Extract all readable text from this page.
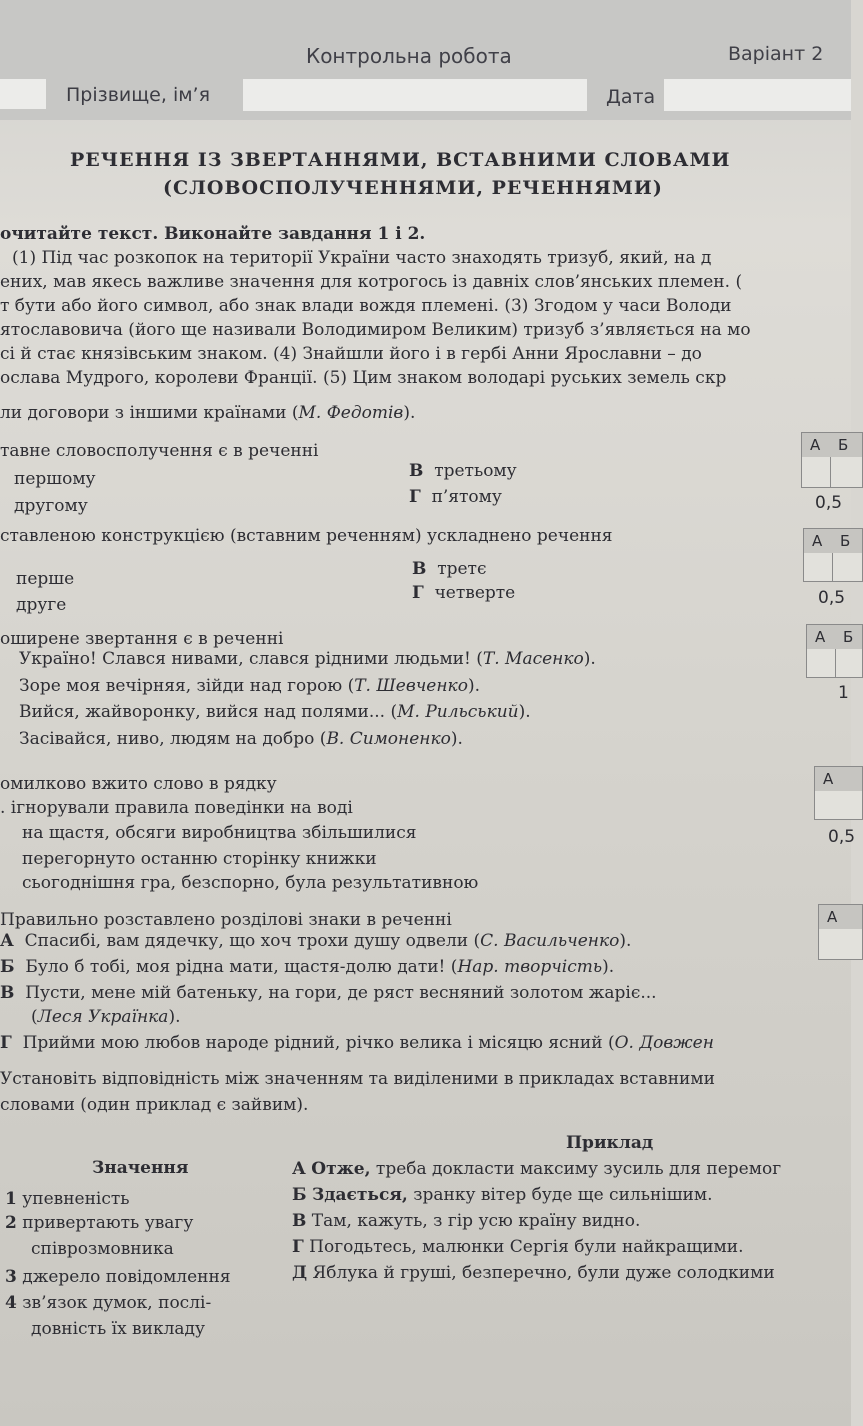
Контрольна робота	Варіант 2
Прізвище, ім’я	Дата
РЕЧЕННЯ ІЗ ЗВЕРТАННЯМИ, ВСТАВНИМИ СЛОВАМИ
(СЛОВОСПОЛУЧЕННЯМИ, РЕЧЕННЯМИ)
очитайте текст. Виконайте завдання 1 і 2.
(1) Під час розкопок на території України часто знаходять тризуб, який, на д
ених, мав якесь важливе значення для котрогось із давніх слов’янських племен. (
т бути або його символ, або знак влади вождя племені. (3) Згодом у часи Володи
ятославовича (його ще називали Володимиром Великим) тризуб з’являється на мо
сі й стає князівським знаком. (4) Знайшли його і в гербі Анни Ярославни – до
ослава Мудрого, королеви Франції. (5) Цим знаком володарі руських земель скр
ли договори з іншими країнами (М. Федотів).
тавне словосполучення є в реченні
першому
другому
В третьому
Г п’ятому
А Б
0,5
ставленою конструкцією (вставним реченням) ускладнено речення
перше
друге
В третє
Г четверте
А Б
0,5
оширене звертання є в реченні
Україно! Слався нивами, слався рідними людьми! (Т. Масенко).
Зоре моя вечірняя, зійди над горою (Т. Шевченко).
Вийся, жайворонку, вийся над полями... (М. Рильський).
Засівайся, ниво, людям на добро (В. Симоненко).
А Б
1
омилково вжито слово в рядку
. ігнорували правила поведінки на воді
на щастя, обсяги виробництва збільшилися
перегорнуто останню сторінку книжки
сьогоднішня гра, безспорно, була результативною
А
0,5
Правильно розставлено розділові знаки в реченні
А Спасибі, вам дядечку, що хоч трохи душу одвели (С. Васильченко).
Б Було б тобі, моя рідна мати, щастя-долю дати! (Нар. творчість).
В Пусти, мене мій батеньку, на гори, де ряст весняний золотом жаріє...
(Леся Українка).
Г Прийми мою любов народе рідний, річко велика і місяцю ясний (О. Довжен
А
Установіть відповідність між значенням та виділеними в прикладах вставними
словами (один приклад є зайвим).
Приклад
Значення
1 упевненість
2 привертають увагу
співрозмовника
3 джерело повідомлення
4 зв’язок думок, послі-
довність їх викладу
А Отже, треба докласти максиму зусиль для перемог
Б Здається, зранку вітер буде ще сильнішим.
В Там, кажуть, з гір усю країну видно.
Г Погодьтесь, малюнки Сергія були найкращими.
Д Яблука й груші, безперечно, були дуже солодкими
